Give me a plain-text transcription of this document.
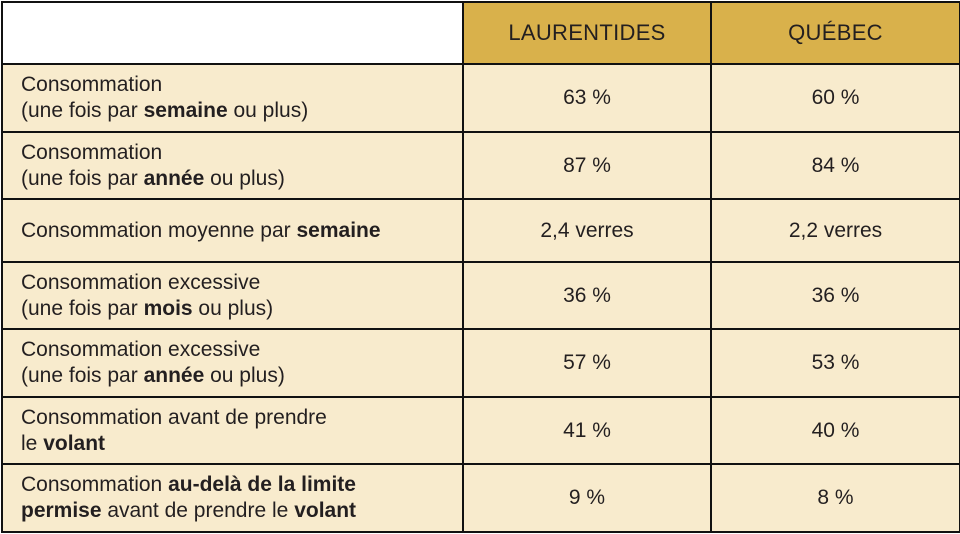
	LAURENTIDES	QUÉBEC
Consommation
(une fois par semaine ou plus)	63 %	60 %
Consommation
(une fois par année ou plus)	87 %	84 %
Consommation moyenne par semaine	2,4 verres	2,2 verres
Consommation excessive
(une fois par mois ou plus)	36 %	36 %
Consommation excessive
(une fois par année ou plus)	57 %	53 %
Consommation avant de prendre
le volant	41 %	40 %
Consommation au-delà de la limite
permise avant de prendre le volant	9 %	8 %
